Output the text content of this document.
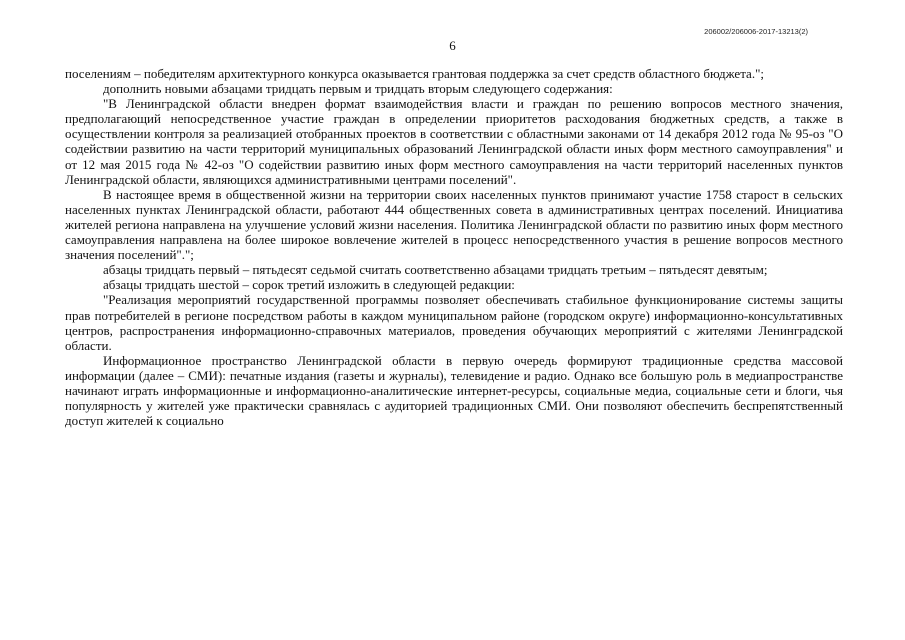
206002/206006-2017-13213(2)
6

поселениям – победителям архитектурного конкурса оказывается грантовая поддержка за счет средств областного бюджета.";

дополнить новыми абзацами тридцать первым и тридцать вторым следующего содержания:

"В Ленинградской области внедрен формат взаимодействия власти и граждан по решению вопросов местного значения, предполагающий непосредственное участие граждан в определении приоритетов расходования бюджетных средств, а также в осуществлении контроля за реализацией отобранных проектов в соответствии с областными законами от 14 декабря 2012 года № 95-оз "О содействии развитию на части территорий муниципальных образований Ленинградской области иных форм местного самоуправления" и от 12 мая 2015 года № 42-оз "О содействии развитию иных форм местного самоуправления на части территорий населенных пунктов Ленинградской области, являющихся административными центрами поселений".

В настоящее время в общественной жизни на территории своих населенных пунктов принимают участие 1758 старост в сельских населенных пунктах Ленинградской области, работают 444 общественных совета в административных центрах поселений. Инициатива жителей региона направлена на улучшение условий жизни населения. Политика Ленинградской области по развитию иных форм местного самоуправления направлена на более широкое вовлечение жителей в процесс непосредственного участия в решение вопросов местного значения поселений".";

абзацы тридцать первый – пятьдесят седьмой считать соответственно абзацами тридцать третьим – пятьдесят девятым;

абзацы тридцать шестой – сорок третий изложить в следующей редакции:

"Реализация мероприятий государственной программы позволяет обеспечивать стабильное функционирование системы защиты прав потребителей в регионе посредством работы в каждом муниципальном районе (городском округе) информационно-консультативных центров, распространения информационно-справочных материалов, проведения обучающих мероприятий с жителями Ленинградской области.

Информационное пространство Ленинградской области в первую очередь формируют традиционные средства массовой информации (далее – СМИ): печатные издания (газеты и журналы), телевидение и радио. Однако все большую роль в медиапространстве начинают играть информационные и информационно-аналитические интернет-ресурсы, социальные медиа, социальные сети и блоги, чья популярность у жителей уже практически сравнялась с аудиторией традиционных СМИ. Они позволяют обеспечить беспрепятственный доступ жителей к социально
